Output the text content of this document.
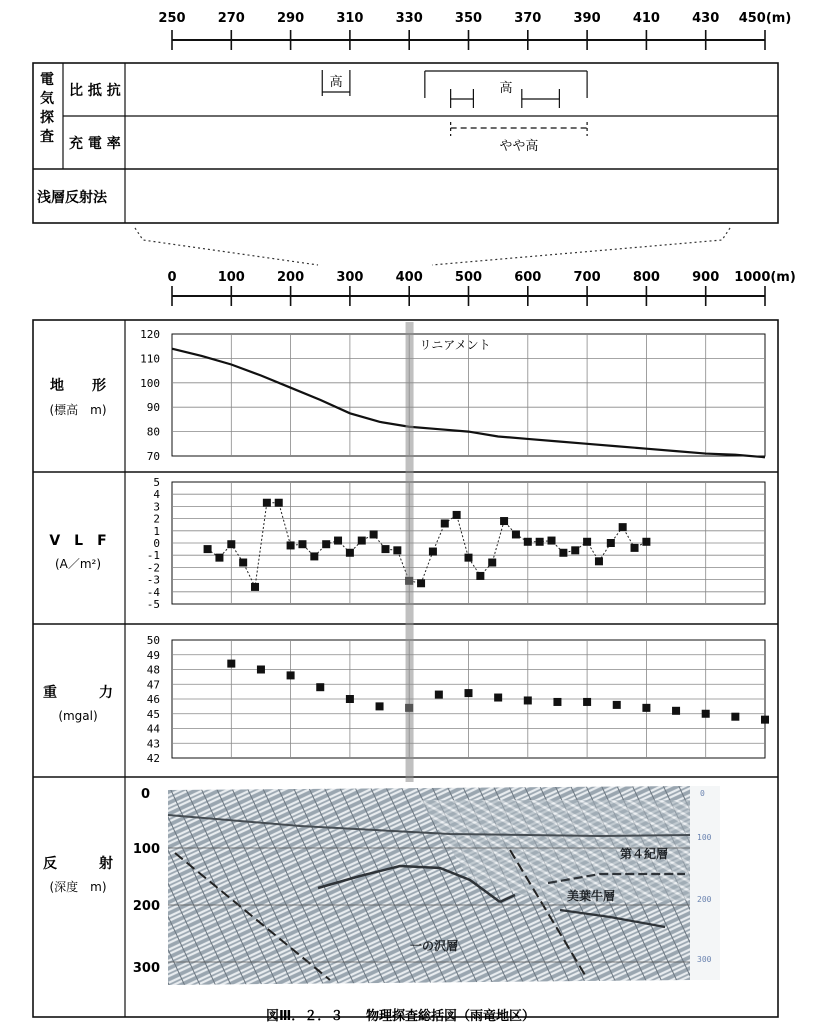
250 270 290 310 330 350 370 390 410 430 450(m)
電
気
探
査
比 抵 抗
充 電 率
浅層反射法
高	高
やや高
0	100 200 300 400 500 600 700 800 900 1000(m)
地　　形
(標高　m)
V　L　F
(A／m²)
重　　　力
(mgal)
反　　　射
(深度　m)
120
110
100
90
80
70
5
4
3
2
1
0
-1
-2
-3
-4
-5
50
49
48
47
46
45
44
43
42
0
100
200
300
0
100
200
300
第４紀層
美葉牛層
一の沢層
リニアメント
図Ⅲ．２．３ 物理探査総括図（雨竜地区）
